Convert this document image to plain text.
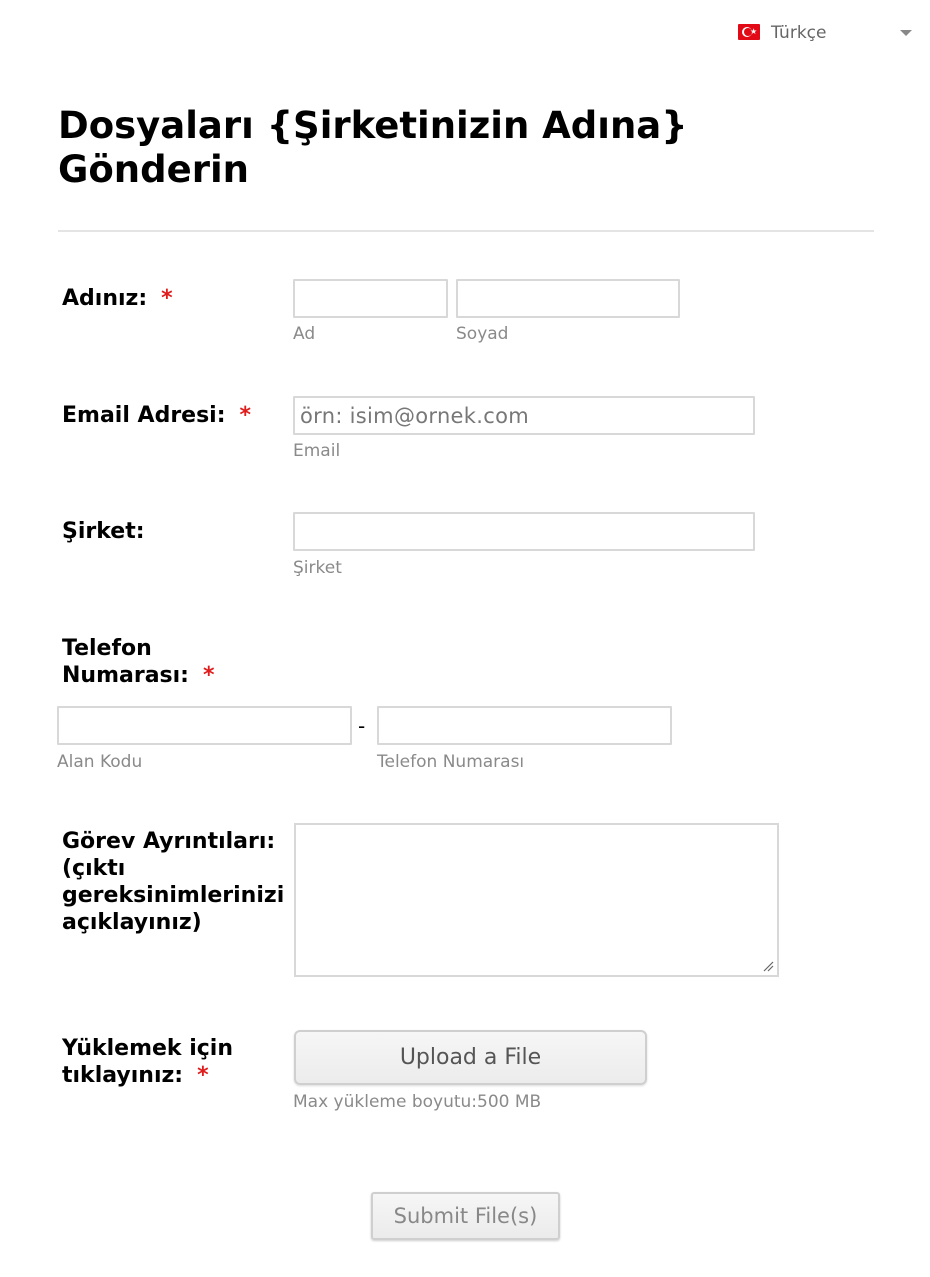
★ Türkçe
Dosyaları {Şirketinizin Adına} Gönderin
Adınız: *
Ad	Soyad
Email Adresi: * örn: isim@ornek.com
Email
Şirket:
Şirket
Telefon
Numarası: *
-
Alan Kodu	Telefon Numarası
Görev Ayrıntıları:
(çıktı
gereksinimlerinizi
açıklayınız)
Yüklemek için
tıklayınız: *
Upload a File
Max yükleme boyutu:500 MB
Submit File(s)
